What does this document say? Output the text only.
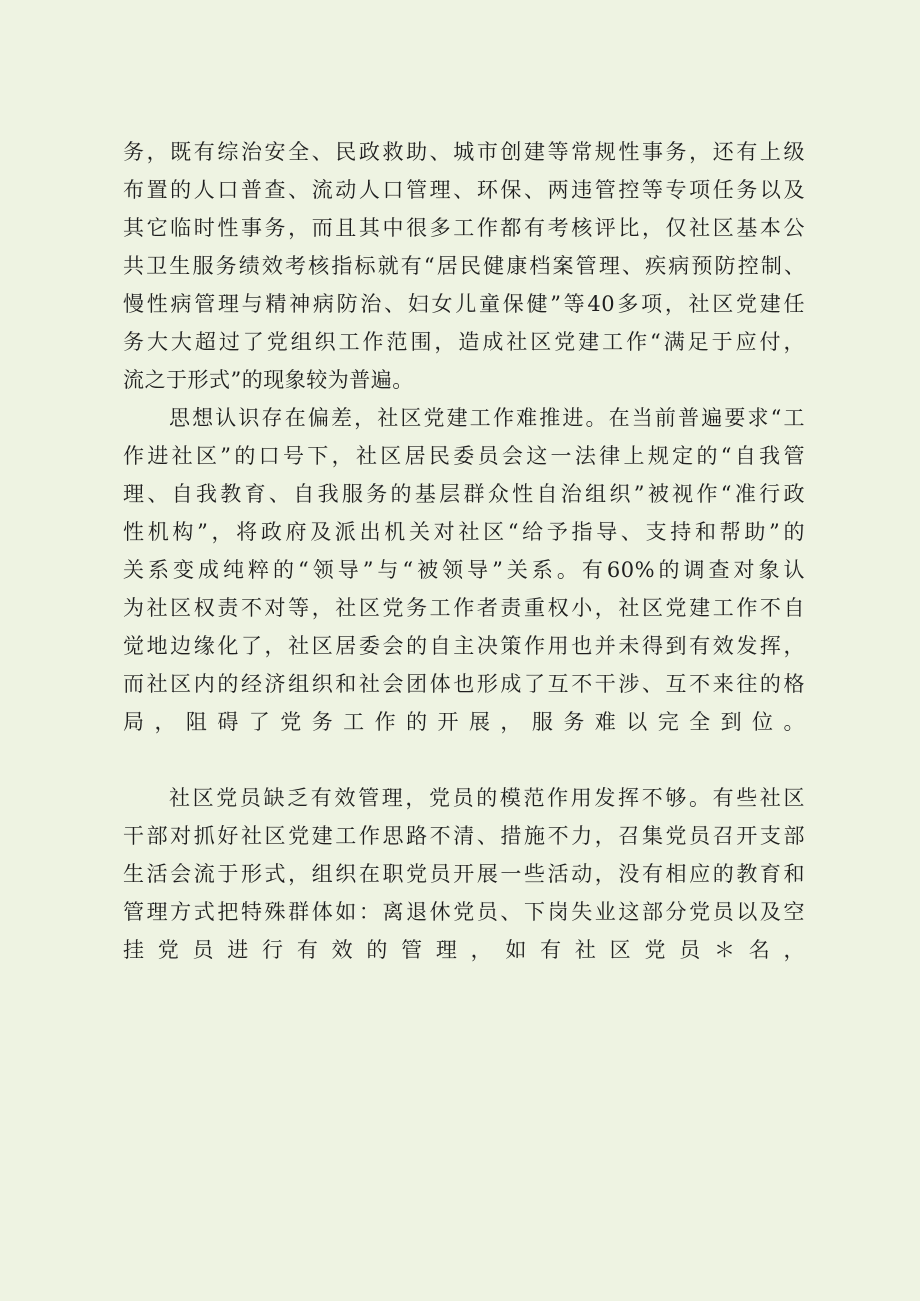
务，既有综治安全、民政救助、城市创建等常规性事务，还有上级
布置的人口普查、流动人口管理、环保、两违管控等专项任务以及
其它临时性事务，而且其中很多工作都有考核评比，仅社区基本公
共卫生服务绩效考核指标就有“居民健康档案管理、疾病预防控制、
慢性病管理与精神病防治、妇女儿童保健”等40多项，社区党建任
务大大超过了党组织工作范围，造成社区党建工作“满足于应付，
流之于形式”的现象较为普遍。
思想认识存在偏差，社区党建工作难推进。在当前普遍要求“工
作进社区”的口号下，社区居民委员会这一法律上规定的“自我管
理、自我教育、自我服务的基层群众性自治组织”被视作“准行政
性机构”，将政府及派出机关对社区“给予指导、支持和帮助”的
关系变成纯粹的“领导”与“被领导”关系。有60%的调查对象认
为社区权责不对等，社区党务工作者责重权小，社区党建工作不自
觉地边缘化了，社区居委会的自主决策作用也并未得到有效发挥，
而社区内的经济组织和社会团体也形成了互不干涉、互不来往的格
局，阻碍了党务工作的开展，服务难以完全到位。
社区党员缺乏有效管理，党员的模范作用发挥不够。有些社区
干部对抓好社区党建工作思路不清、措施不力，召集党员召开支部
生活会流于形式，组织在职党员开展一些活动，没有相应的教育和
管理方式把特殊群体如：离退休党员、下岗失业这部分党员以及空
挂党员进行有效的管理，如有社区党员＊名，
